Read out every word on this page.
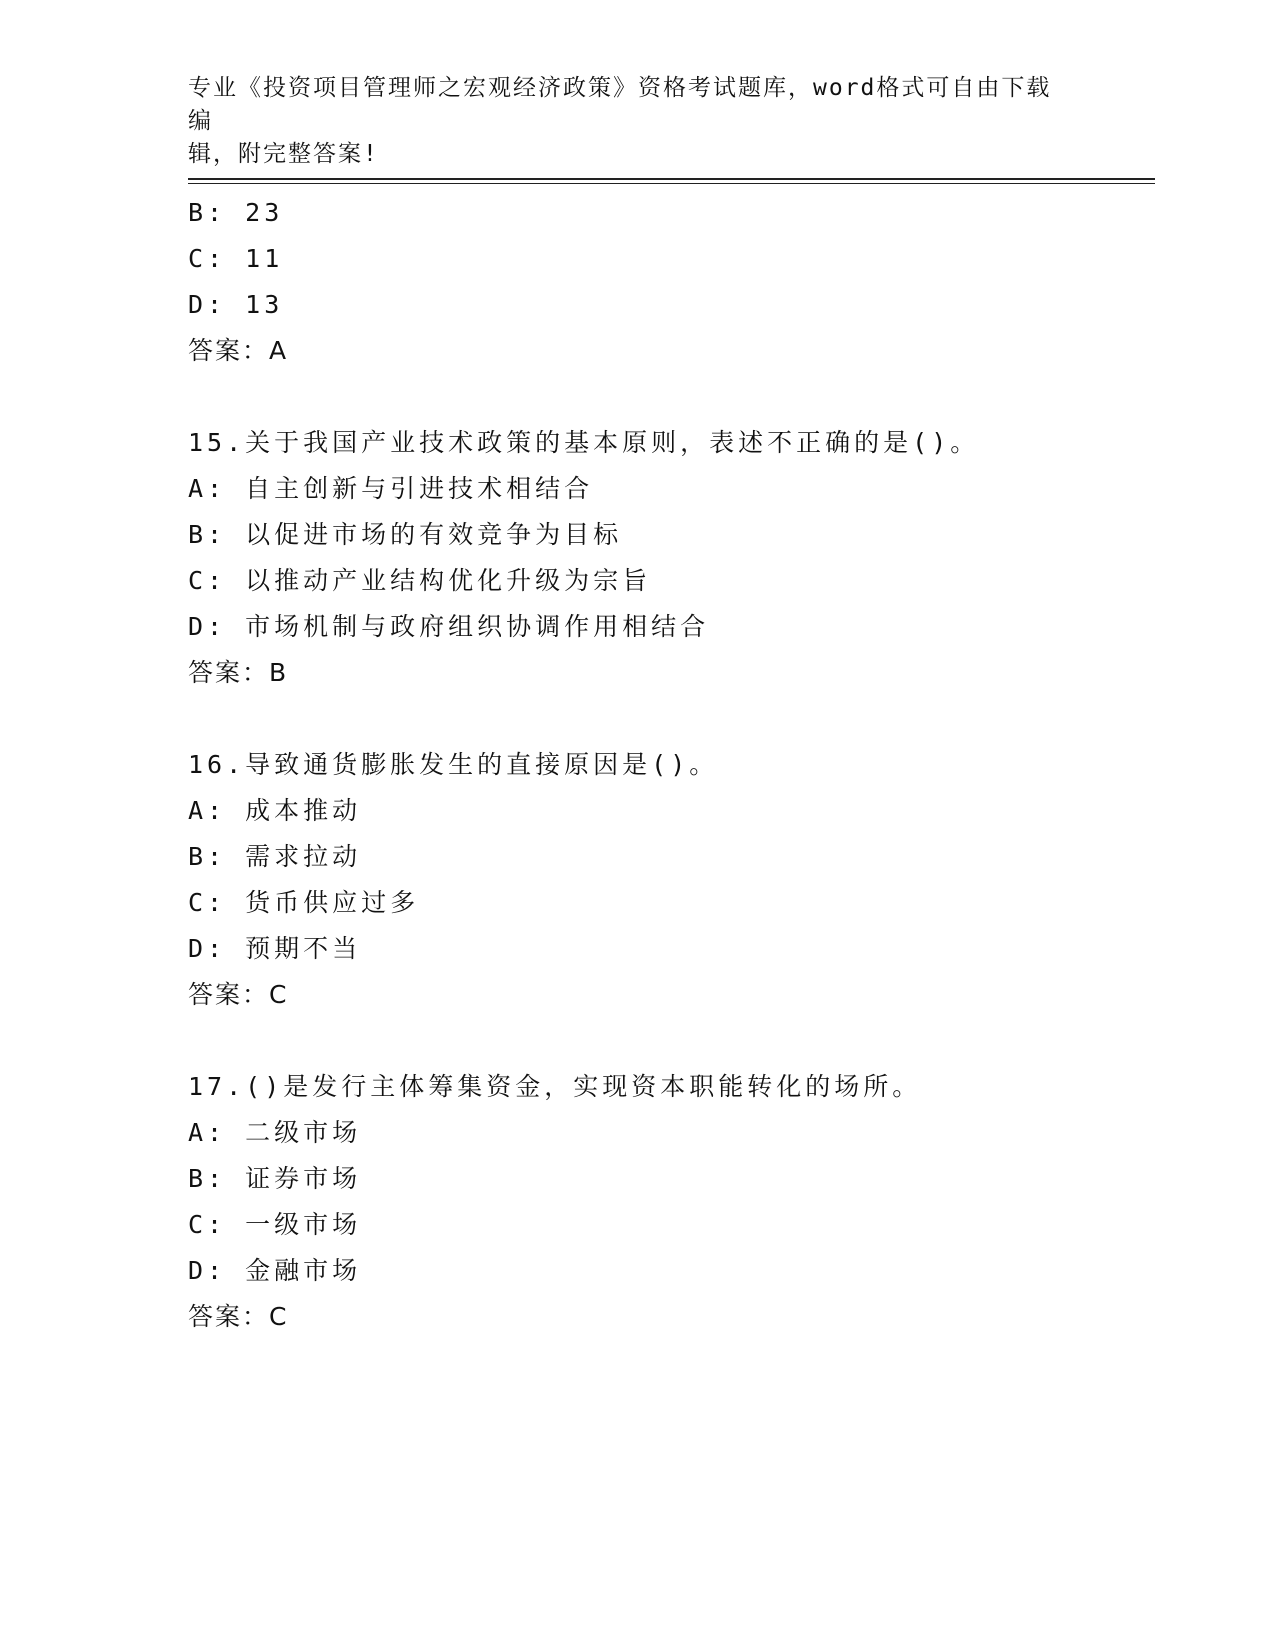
专业《投资项目管理师之宏观经济政策》资格考试题库，word格式可自由下载编
辑，附完整答案!
B: 23
C: 11
D: 13
答案：A
15.关于我国产业技术政策的基本原则，表述不正确的是()。
A: 自主创新与引进技术相结合
B: 以促进市场的有效竞争为目标
C: 以推动产业结构优化升级为宗旨
D: 市场机制与政府组织协调作用相结合
答案：B
16.导致通货膨胀发生的直接原因是()。
A: 成本推动
B: 需求拉动
C: 货币供应过多
D: 预期不当
答案：C
17.()是发行主体筹集资金，实现资本职能转化的场所。
A: 二级市场
B: 证券市场
C: 一级市场
D: 金融市场
答案：C
